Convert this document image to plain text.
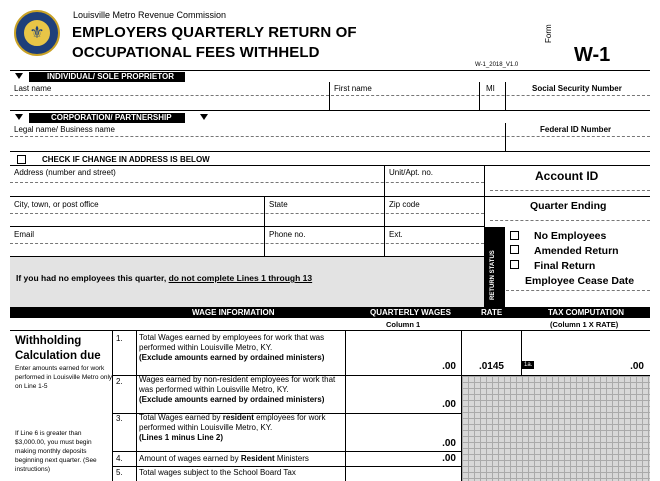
⚜
Louisville Metro Revenue Commission
EMPLOYERS QUARTERLY RETURN OF
OCCUPATIONAL FEES WITHHELD
Form
W-1
W-1_2018_V1.0
INDIVIDUAL/ SOLE PROPRIETOR
Last name	First name	MI	Social Security Number
CORPORATION/ PARTNERSHIP
Legal name/ Business name	Federal ID Number
CHECK IF CHANGE IN ADDRESS IS BELOW
Address (number and street)	Unit/Apt. no.
City, town, or post office	State	Zip code
Email	Phone no.	Ext.
Account ID
Quarter Ending
RETURN STATUS
No Employees
Amended Return
Final Return
Employee Cease Date
If you had no employees this quarter, do not complete Lines 1 through 13
WAGE INFORMATION	QUARTERLY WAGES	RATE	TAX COMPUTATION
Column 1	(Column 1 X RATE)
Withholding Calculation due
Enter amounts earned for work performed in Louisville Metro only on Line 1-5
If Line 6 is greater than $3,000.00, you must begin making monthly deposits beginning next quarter. (See instructions)
1. Total Wages earned by employees for work that was performed within Louisville Metro, KY.
(Exclude amounts earned by ordained ministers)
.00	.0145	1a.	.00
2. Wages earned by non-resident employees for work that was performed within Louisville Metro, KY.
(Exclude amounts earned by ordained ministers)	.00
3. Total Wages earned by resident employees for work performed within Louisville Metro, KY.
(Lines 1 minus Line 2)
.00
4. Amount of wages earned by Resident Ministers	.00
5. Total wages subject to the School Board Tax
